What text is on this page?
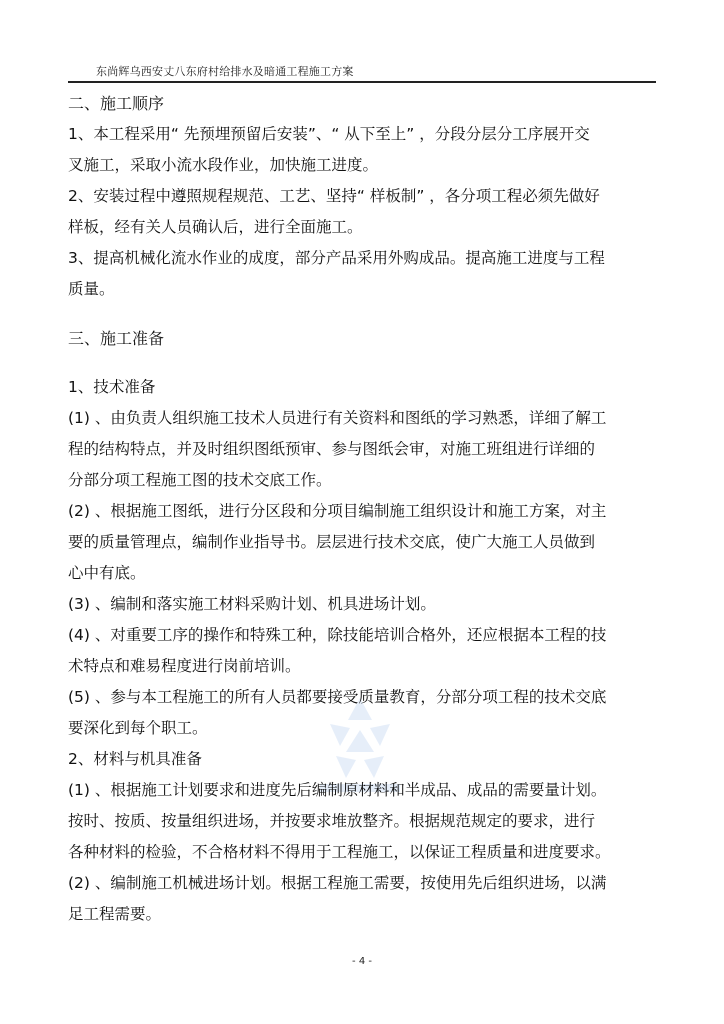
东尚辉乌西安丈八东府村给排水及暗通工程施工方案
二、施工顺序
1、本工程采用“ 先预埋预留后安装”、“ 从下至上” ，分段分层分工序展开交
叉施工，采取小流水段作业，加快施工进度。
2、安装过程中遵照规程规范、工艺、坚持“ 样板制” ，各分项工程必须先做好
样板，经有关人员确认后，进行全面施工。
3、提高机械化流水作业的成度，部分产品采用外购成品。提高施工进度与工程
质量。
三、施工准备
1、技术准备
(1) 、由负责人组织施工技术人员进行有关资料和图纸的学习熟悉，详细了解工
程的结构特点，并及时组织图纸预审、参与图纸会审，对施工班组进行详细的
分部分项工程施工图的技术交底工作。
(2) 、根据施工图纸，进行分区段和分项目编制施工组织设计和施工方案，对主
要的质量管理点，编制作业指导书。层层进行技术交底，使广大施工人员做到
心中有底。
(3) 、编制和落实施工材料采购计划、机具进场计划。
(4) 、对重要工序的操作和特殊工种，除技能培训合格外，还应根据本工程的技
术特点和难易程度进行岗前培训。
(5) 、参与本工程施工的所有人员都要接受质量教育，分部分项工程的技术交底
要深化到每个职工。
2、材料与机具准备
(1) 、根据施工计划要求和进度先后编制原材料和半成品、成品的需要量计划。
按时、按质、按量组织进场，并按要求堆放整齐。根据规范规定的要求，进行
各种材料的检验，不合格材料不得用于工程施工，以保证工程质量和进度要求。
(2) 、编制施工机械进场计划。根据工程施工需要，按使用先后组织进场，以满
足工程需要。
- 4 -
